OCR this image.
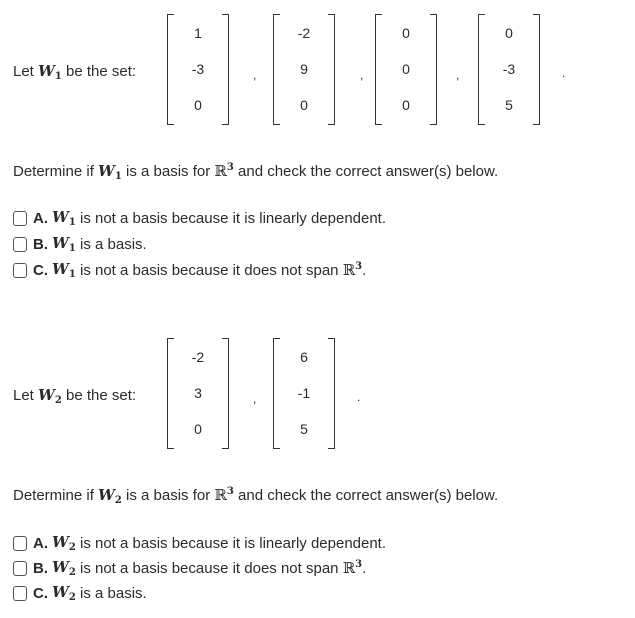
Let $W_1$ be the set:
1
-3
0
,
-2
9
0
,
0
0
0
,
0
-3
5
.
Determine if $W_1$ is a basis for ℝ$^3$ and check the correct answer(s) below.
A. $W_1$
is not a basis because it is linearly dependent.
B. $W_1$
is a basis.
C. $W_1$
is not a basis because it does not span
ℝ$^3$ .
Let $W_2$ be the set:
-2
3
0
,
6
-1
5
.
Determine if $W_2$ is a basis for ℝ$^3$ and check the correct answer(s) below.
A. $W_2$
is not a basis because it is linearly dependent.
B. $W_2$
is not a basis because it does not span
ℝ$^3$ .
C. $W_2$
is a basis.
